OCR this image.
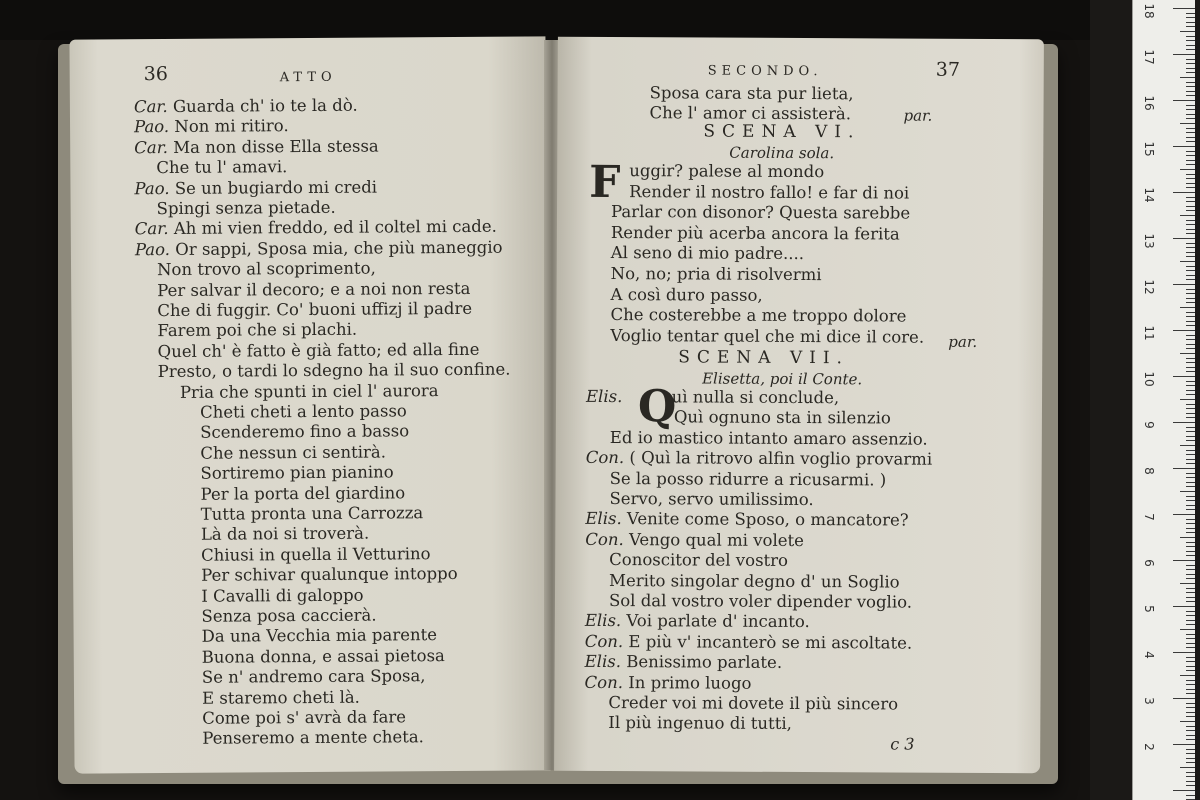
36	ATTO
Car. Guarda ch' io te la dò.
Pao. Non mi ritiro.
Car. Ma non disse Ella stessa
Che tu l' amavi.
Pao. Se un bugiardo mi credi
Spingi senza pietade.
Car. Ah mi vien freddo, ed il coltel mi cade.
Pao. Or sappi, Sposa mia, che più maneggio
Non trovo al scoprimento,
Per salvar il decoro; e a noi non resta
Che di fuggir. Co' buoni uffizj il padre
Farem poi che si plachi.
Quel ch' è fatto è già fatto; ed alla fine
Presto, o tardi lo sdegno ha il suo confine.
Pria che spunti in ciel l' aurora
Cheti cheti a lento passo
Scenderemo fino a basso
Che nessun ci sentirà.
Sortiremo pian pianino
Per la porta del giardino
Tutta pronta una Carrozza
Là da noi si troverà.
Chiusi in quella il Vetturino
Per schivar qualunque intoppo
I Cavalli di galoppo
Senza posa caccierà.
Da una Vecchia mia parente
Buona donna, e assai pietosa
Se n' andremo cara Sposa,
E staremo cheti là.
Come poi s' avrà da fare
Penseremo a mente cheta.
SECONDO.	37
Sposa cara sta pur lieta,
Che l' amor ci assisterà.	par.
SCENA VI.
Carolina sola.
F uggir? palese al mondo
Render il nostro fallo! e far di noi
Parlar con disonor? Questa sarebbe
Render più acerba ancora la ferita
Al seno di mio padre....
No, no; pria di risolvermi
A così duro passo,
Che costerebbe a me troppo dolore
Voglio tentar quel che mi dice il core. par.
SCENA VII.
Elisetta, poi il Conte.
Q
Elis.	uì nulla si conclude,
Quì ognuno sta in silenzio
Ed io mastico intanto amaro assenzio.
Con. ( Quì la ritrovo alfin voglio provarmi
Se la posso ridurre a ricusarmi. )
Servo, servo umilissimo.
Elis. Venite come Sposo, o mancatore?
Con. Vengo qual mi volete
Conoscitor del vostro
Merito singolar degno d' un Soglio
Sol dal vostro voler dipender voglio.
Elis. Voi parlate d' incanto.
Con. E più v' incanterò se mi ascoltate.
Elis. Benissimo parlate.
Con. In primo luogo
Creder voi mi dovete il più sincero
Il più ingenuo di tutti,
c 3
18
17
16
15
14
13
12
11
10
9
8
7
6
5
4
3
2
